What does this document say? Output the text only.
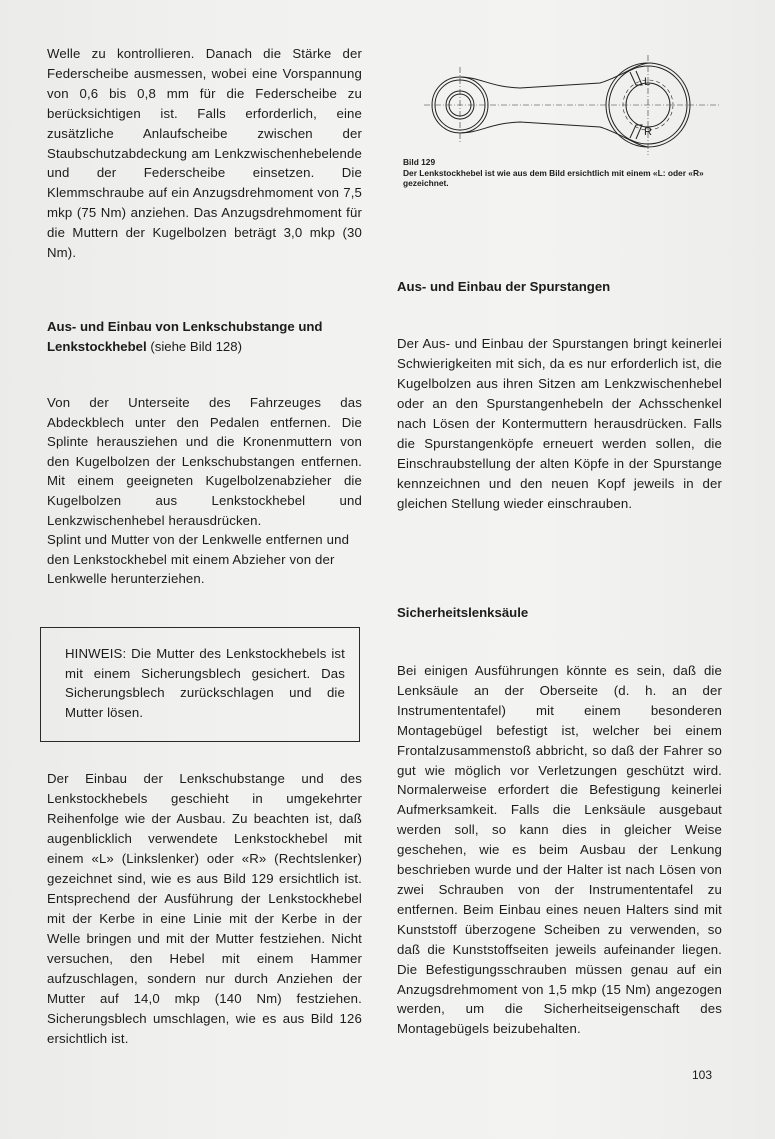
Welle zu kontrollieren. Danach die Stärke der Federscheibe ausmessen, wobei eine Vorspannung von 0,6 bis 0,8 mm für die Federscheibe zu berücksichtigen ist. Falls erforderlich, eine zusätzliche Anlaufscheibe zwischen der Staubschutzabdeckung am Lenkzwischenhebelende und der Federscheibe einsetzen. Die Klemmschraube auf ein Anzugsdrehmoment von 7,5 mkp (75 Nm) anziehen. Das Anzugsdrehmoment für die Muttern der Kugelbolzen beträgt 3,0 mkp (30 Nm).

Aus- und Einbau von Lenkschubstange und Lenkstockhebel (siehe Bild 128)

Von der Unterseite des Fahrzeuges das Abdeckblech unter den Pedalen entfernen. Die Splinte herausziehen und die Kronenmuttern von den Kugelbolzen der Lenkschubstangen entfernen. Mit einem geeigneten Kugelbolzenabzieher die Kugelbolzen aus Lenkstockhebel und Lenkzwischenhebel herausdrücken.

Splint und Mutter von der Lenkwelle entfernen und den Lenkstockhebel mit einem Abzieher von der Lenkwelle herunterziehen.

HINWEIS: Die Mutter des Lenkstockhebels ist mit einem Sicherungsblech gesichert. Das Sicherungsblech zurückschlagen und die Mutter lösen.

Der Einbau der Lenkschubstange und des Lenkstockhebels geschieht in umgekehrter Reihenfolge wie der Ausbau. Zu beachten ist, daß augenblicklich verwendete Lenkstockhebel mit einem «L» (Linkslenker) oder «R» (Rechtslenker) gezeichnet sind, wie es aus Bild 129 ersichtlich ist. Entsprechend der Ausführung der Lenkstockhebel mit der Kerbe in eine Linie mit der Kerbe in der Welle bringen und mit der Mutter festziehen. Nicht versuchen, den Hebel mit einem Hammer aufzuschlagen, sondern nur durch Anziehen der Mutter auf 14,0 mkp (140 Nm) festziehen. Sicherungsblech umschlagen, wie es aus Bild 126 ersichtlich ist.

L
R
Bild 129
Der Lenkstockhebel ist wie aus dem Bild ersichtlich mit einem «L: oder «R» gezeichnet.
Aus- und Einbau der Spurstangen

Der Aus- und Einbau der Spurstangen bringt keinerlei Schwierigkeiten mit sich, da es nur erforderlich ist, die Kugelbolzen aus ihren Sitzen am Lenkzwischenhebel oder an den Spurstangenhebeln der Achsschenkel nach Lösen der Kontermuttern herausdrücken. Falls die Spurstangenköpfe erneuert werden sollen, die Einschraubstellung der alten Köpfe in der Spurstange kennzeichnen und den neuen Kopf jeweils in der gleichen Stellung wieder einschrauben.

Sicherheitslenksäule

Bei einigen Ausführungen könnte es sein, daß die Lenksäule an der Oberseite (d. h. an der Instrumententafel) mit einem besonderen Montagebügel befestigt ist, welcher bei einem Frontalzusammenstoß abbricht, so daß der Fahrer so gut wie möglich vor Verletzungen geschützt wird. Normalerweise erfordert die Befestigung keinerlei Aufmerksamkeit. Falls die Lenksäule ausgebaut werden soll, so kann dies in gleicher Weise geschehen, wie es beim Ausbau der Lenkung beschrieben wurde und der Halter ist nach Lösen von zwei Schrauben von der Instrumententafel zu entfernen. Beim Einbau eines neuen Halters sind mit Kunststoff überzogene Scheiben zu verwenden, so daß die Kunststoffseiten jeweils aufeinander liegen. Die Befestigungsschrauben müssen genau auf ein Anzugsdrehmoment von 1,5 mkp (15 Nm) angezogen werden, um die Sicherheitseigenschaft des Montagebügels beizubehalten.

103
